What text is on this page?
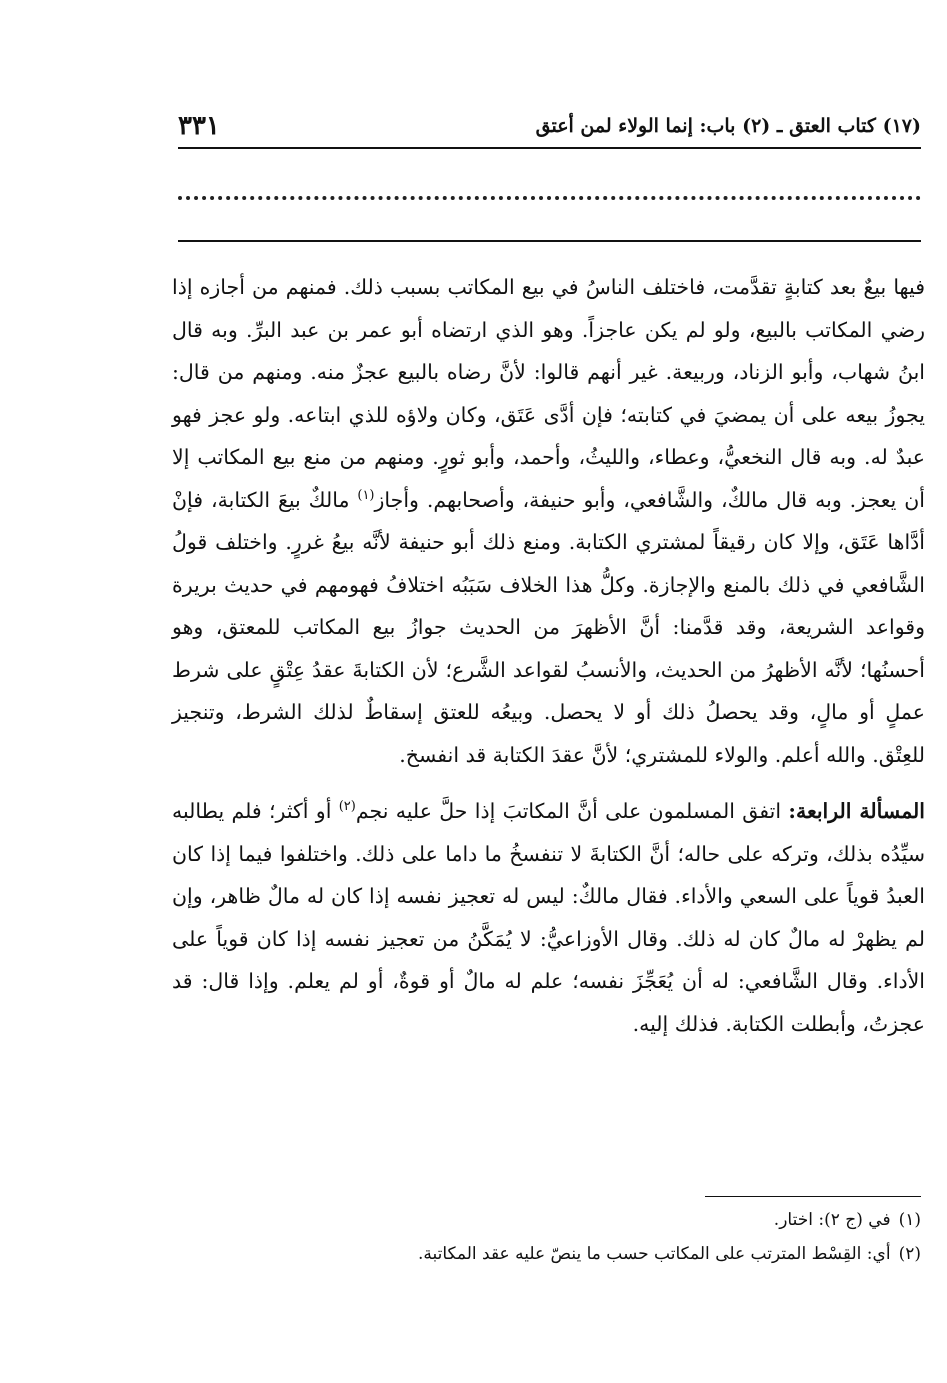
(١٧) كتاب العتق ـ (٢) باب: إنما الولاء لمن أعتق
٣٣١

فيها بيعٌ بعد كتابةٍ تقدَّمت، فاختلف الناسُ في بيع المكاتب بسبب ذلك. فمنهم من أجازه إذا رضي المكاتب بالبيع، ولو لم يكن عاجزاً. وهو الذي ارتضاه أبو عمر بن عبد البرِّ. وبه قال ابنُ شهاب، وأبو الزناد، وربيعة. غير أنهم قالوا: لأنَّ رضاه بالبيع عجزٌ منه. ومنهم من قال: يجوزُ بيعه على أن يمضيَ في كتابته؛ فإن أدَّى عَتَق، وكان ولاؤه للذي ابتاعه. ولو عجز فهو عبدٌ له. وبه قال النخعيُّ، وعطاء، والليثُ، وأحمد، وأبو ثورٍ. ومنهم من منع بيع المكاتب إلا أن يعجز. وبه قال مالكٌ، والشَّافعي، وأبو حنيفة، وأصحابهم. وأجاز$^{(١)}$ مالكٌ بيعَ الكتابة، فإنْ أدَّاها عَتَق، وإلا كان رقيقاً لمشتري الكتابة. ومنع ذلك أبو حنيفة لأنَّه بيعُ غررٍ. واختلف قولُ الشَّافعي في ذلك بالمنع والإجازة. وكلُّ هذا الخلاف سَبَبُه اختلافُ فهومهم في حديث بريرة وقواعد الشريعة، وقد قدَّمنا: أنَّ الأظهرَ من الحديث جوازُ بيع المكاتب للمعتق، وهو أحسنُها؛ لأنَّه الأظهرُ من الحديث، والأنسبُ لقواعد الشَّرع؛ لأن الكتابةَ عقدُ عِتْقٍ على شرط عملٍ أو مالٍ، وقد يحصلُ ذلك أو لا يحصل. وبيعُه للعتق إسقاطٌ لذلك الشرط، وتنجيز للعِتْق. والله أعلم. والولاء للمشتري؛ لأنَّ عقدَ الكتابة قد انفسخ.

المسألة الرابعة: اتفق المسلمون على أنَّ المكاتبَ إذا حلَّ عليه نجم$^{(٢)}$ أو أكثر؛ فلم يطالبه سيِّدُه بذلك، وتركه على حاله؛ أنَّ الكتابةَ لا تنفسخُ ما داما على ذلك. واختلفوا فيما إذا كان العبدُ قوياً على السعي والأداء. فقال مالكٌ: ليس له تعجيز نفسه إذا كان له مالٌ ظاهر، وإن لم يظهرْ له مالٌ كان له ذلك. وقال الأوزاعيُّ: لا يُمَكَّنُ من تعجيز نفسه إذا كان قوياً على الأداء. وقال الشَّافعي: له أن يُعَجِّزَ نفسه؛ علم له مالٌ أو قوةٌ، أو لم يعلم. وإذا قال: قد عجزتُ، وأبطلت الكتابة. فذلك إليه.

(١)في (ج ٢): اختار.

(٢)أي: القِسْط المترتب على المكاتب حسب ما ينصّ عليه عقد المكاتبة.
